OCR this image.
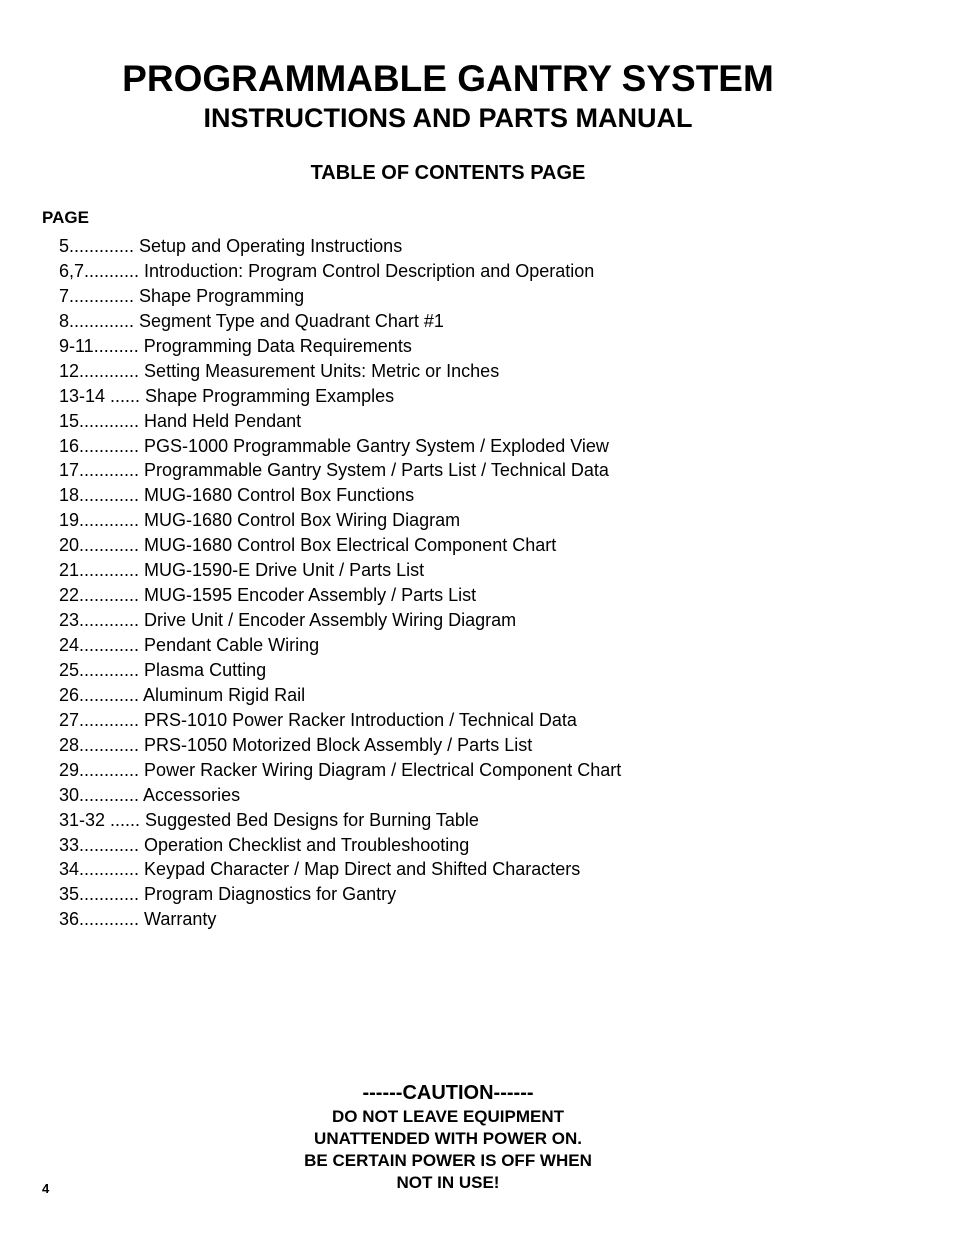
PROGRAMMABLE GANTRY SYSTEM
INSTRUCTIONS AND PARTS MANUAL
TABLE OF CONTENTS PAGE
PAGE
5............. Setup and Operating Instructions
6,7........... Introduction: Program Control Description and Operation
7............. Shape Programming
8............. Segment Type and Quadrant Chart #1
9-11......... Programming Data Requirements
12............ Setting Measurement Units: Metric or Inches
13-14 ...... Shape Programming Examples
15............ Hand Held Pendant
16............ PGS-1000 Programmable Gantry System / Exploded View
17............ Programmable Gantry System / Parts List / Technical Data
18............ MUG-1680 Control Box Functions
19............ MUG-1680 Control Box Wiring Diagram
20............ MUG-1680 Control Box Electrical Component Chart
21............ MUG-1590-E Drive Unit / Parts List
22............ MUG-1595 Encoder Assembly / Parts List
23............ Drive Unit / Encoder Assembly Wiring Diagram
24............ Pendant Cable Wiring
25............ Plasma Cutting
26............ Aluminum Rigid Rail
27............ PRS-1010 Power Racker Introduction / Technical Data
28............ PRS-1050 Motorized Block Assembly / Parts List
29............ Power Racker Wiring Diagram / Electrical Component Chart
30............ Accessories
31-32 ...... Suggested Bed Designs for Burning Table
33............ Operation Checklist and Troubleshooting
34............ Keypad Character / Map Direct and Shifted Characters
35............ Program Diagnostics for Gantry
36............ Warranty
------CAUTION------
DO NOT LEAVE EQUIPMENT
UNATTENDED WITH POWER ON.
BE CERTAIN POWER IS OFF WHEN
NOT IN USE!
4
